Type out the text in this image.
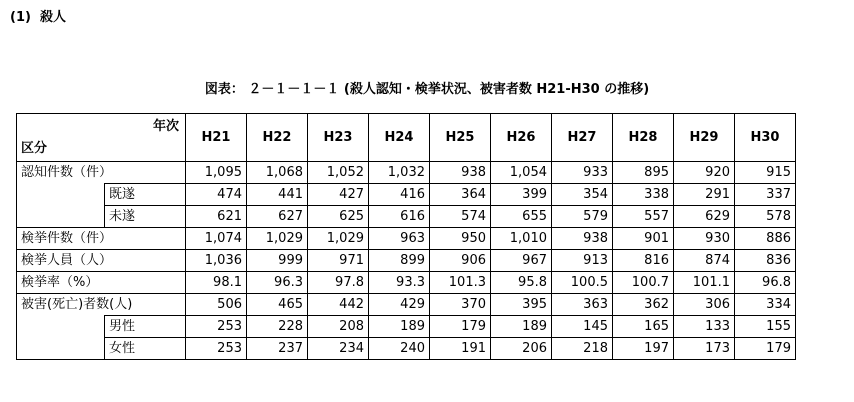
(1)  殺人
図表： ２－１－１－１ (殺人認知・検挙状況、被害者数 H21-H30 の推移)
年次
区分		H21	H22	H23	H24	H25	H26	H27	H28	H29	H30
認知件数（件）		1,095	1,068	1,052	1,032	938	1,054	933	895	920	915
	既遂	474	441	427	416	364	399	354	338	291	337
	未遂	621	627	625	616	574	655	579	557	629	578
検挙件数（件）		1,074	1,029	1,029	963	950	1,010	938	901	930	886
検挙人員（人）		1,036	999	971	899	906	967	913	816	874	836
検挙率（%）		98.1	96.3	97.8	93.3	101.3	95.8	100.5	100.7	101.1	96.8
被害(死亡)者数(人)		506	465	442	429	370	395	363	362	306	334
	男性	253	228	208	189	179	189	145	165	133	155
	女性	253	237	234	240	191	206	218	197	173	179
